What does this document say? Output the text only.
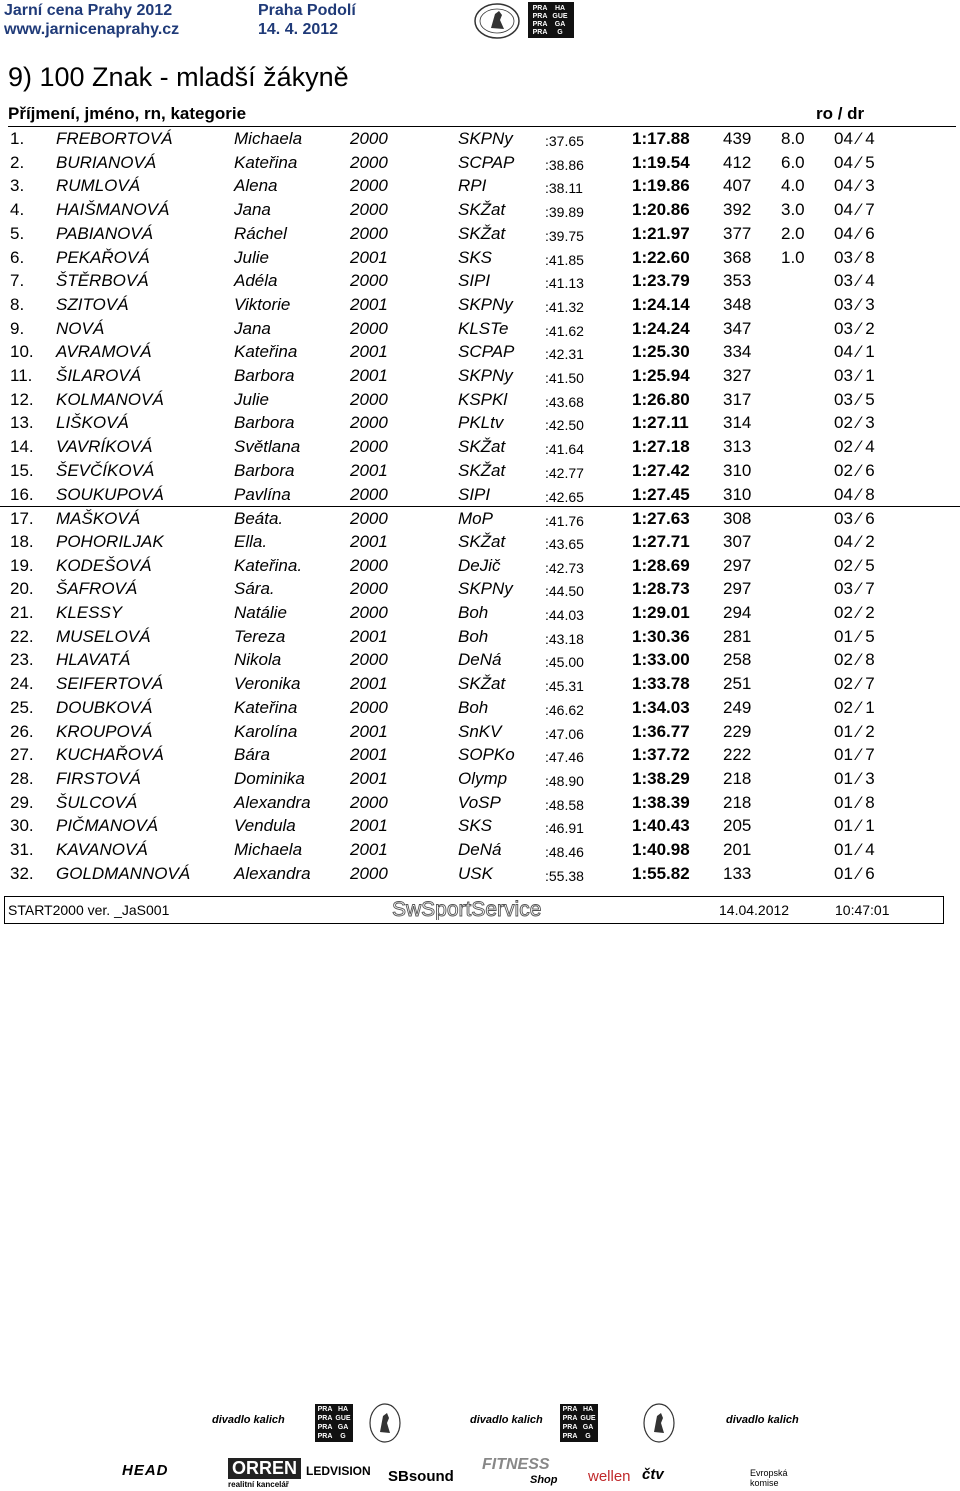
Jarní cena Prahy 2012	Praha Podolí
www.jarnicenaprahy.cz	14. 4. 2012
PRA	HA
PRA GUE
PRA	GA
PRA	G
9) 100 Znak - mladší žákyně
Příjmení, jméno, rn, kategorie	ro / dr
1. FREBORTOVÁ	Michaela	2000	SKPNy :37.65	1:17.88 439 8.0 04 ⁄ 4
2. BURIANOVÁ	Kateřina	2000	SCPAP :38.86	1:19.54 412 6.0 04 ⁄ 5
3. RUMLOVÁ	Alena	2000	RPI	:38.11	1:19.86 407 4.0 04 ⁄ 3
4. HAIŠMANOVÁ	Jana	2000	SKŽat	:39.89	1:20.86 392 3.0 04 ⁄ 7
5. PABIANOVÁ	Ráchel	2000	SKŽat	:39.75	1:21.97 377 2.0 04 ⁄ 6
6. PEKAŘOVÁ	Julie	2001	SKS	:41.85	1:22.60 368 1.0 03 ⁄ 8
7. ŠTĚRBOVÁ	Adéla	2000	SIPI	:41.13	1:23.79 353	03 ⁄ 4
8. SZITOVÁ	Viktorie	2001	SKPNy :41.32	1:24.14 348	03 ⁄ 3
9. NOVÁ	Jana	2000	KLSTe	:41.62	1:24.24 347	03 ⁄ 2
10. AVRAMOVÁ	Kateřina	2001	SCPAP :42.31	1:25.30 334	04 ⁄ 1
11. ŠILAROVÁ	Barbora	2001	SKPNy :41.50	1:25.94 327	03 ⁄ 1
12. KOLMANOVÁ	Julie	2000	KSPKl	:43.68	1:26.80 317	03 ⁄ 5
13. LIŠKOVÁ	Barbora	2000	PKLtv	:42.50	1:27.11 314	02 ⁄ 3
14. VAVRÍKOVÁ	Světlana	2000	SKŽat	:41.64	1:27.18 313	02 ⁄ 4
15. ŠEVČÍKOVÁ	Barbora	2001	SKŽat	:42.77	1:27.42 310	02 ⁄ 6
16. SOUKUPOVÁ	Pavlína	2000	SIPI	:42.65	1:27.45 310	04 ⁄ 8
17. MAŠKOVÁ	Beáta.	2000	MoP	:41.76	1:27.63 308	03 ⁄ 6
18. POHORILJAK	Ella.	2001	SKŽat	:43.65	1:27.71 307	04 ⁄ 2
19. KODEŠOVÁ	Kateřina.	2000	DeJič	:42.73	1:28.69 297	02 ⁄ 5
20. ŠAFROVÁ	Sára.	2000	SKPNy :44.50	1:28.73 297	03 ⁄ 7
21. KLESSY	Natálie	2000	Boh	:44.03	1:29.01 294	02 ⁄ 2
22. MUSELOVÁ	Tereza	2001	Boh	:43.18	1:30.36 281	01 ⁄ 5
23. HLAVATÁ	Nikola	2000	DeNá	:45.00	1:33.00 258	02 ⁄ 8
24. SEIFERTOVÁ	Veronika	2001	SKŽat	:45.31	1:33.78 251	02 ⁄ 7
25. DOUBKOVÁ	Kateřina	2000	Boh	:46.62	1:34.03 249	02 ⁄ 1
26. KROUPOVÁ	Karolína	2001	SnKV	:47.06	1:36.77 229	01 ⁄ 2
27. KUCHAŘOVÁ	Bára	2001	SOPKo :47.46	1:37.72 222	01 ⁄ 7
28. FIRSTOVÁ	Dominika	2001	Olymp	:48.90	1:38.29 218	01 ⁄ 3
29. ŠULCOVÁ	Alexandra 2000	VoSP	:48.58	1:38.39 218	01 ⁄ 8
30. PIČMANOVÁ	Vendula	2001	SKS	:46.91	1:40.43 205	01 ⁄ 1
31. KAVANOVÁ	Michaela	2001	DeNá	:48.46	1:40.98 201	01 ⁄ 4
32. GOLDMANNOVÁ	Alexandra 2000	USK	:55.38	1:55.82 133	01 ⁄ 6
START2000 ver. _JaS001	SwSportService	14.04.2012	10:47:01
divadlo kalich
PRA HA
PRA GUE
PRA GA
PRA	G
divadlo kalich
PRA HA
PRA GUE
PRA GA
PRA	G
divadlo kalich
HEAD	ORREN
realitní kancelář
LEDVISION SBsound
FITNESS
Shop wellen čtv	Evropská komise
